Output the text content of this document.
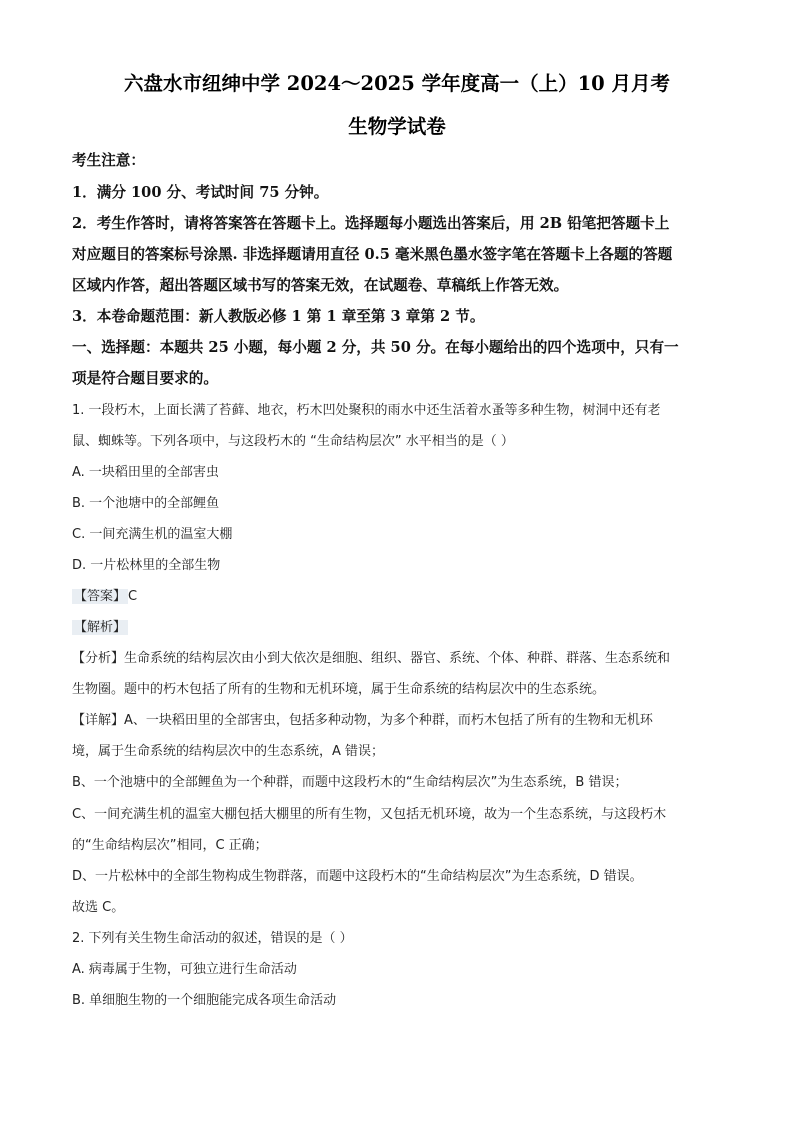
六盘水市纽绅中学 2024～2025 学年度高一（上）10 月月考
生物学试卷
考生注意：
1．满分 100 分、考试时间 75 分钟。
2．考生作答时，请将答案答在答题卡上。选择题每小题选出答案后，用 2B 铅笔把答题卡上
对应题目的答案标号涂黑. 非选择题请用直径 0.5 毫米黑色墨水签字笔在答题卡上各题的答题
区域内作答，超出答题区域书写的答案无效，在试题卷、草稿纸上作答无效。
3．本卷命题范围：新人教版必修 1 第 1 章至第 3 章第 2 节。
一、选择题：本题共 25 小题，每小题 2 分，共 50 分。在每小题给出的四个选项中，只有一
项是符合题目要求的。
1. 一段朽木，上面长满了苔藓、地衣，朽木凹处聚积的雨水中还生活着水蚤等多种生物，树洞中还有老
鼠、蜘蛛等。下列各项中，与这段朽木的 “生命结构层次” 水平相当的是（ ）
A. 一块稻田里的全部害虫
B. 一个池塘中的全部鲤鱼
C. 一间充满生机的温室大棚
D. 一片松林里的全部生物
【答案】 C
【解析】
【分析】生命系统的结构层次由小到大依次是细胞、组织、器官、系统、个体、种群、群落、生态系统和
生物圈。题中的朽木包括了所有的生物和无机环境，属于生命系统的结构层次中的生态系统。
【详解】A、一块稻田里的全部害虫，包括多种动物，为多个种群，而朽木包括了所有的生物和无机环
境，属于生命系统的结构层次中的生态系统，A 错误；
B、一个池塘中的全部鲤鱼为一个种群，而题中这段朽木的“生命结构层次”为生态系统，B 错误；
C、一间充满生机的温室大棚包括大棚里的所有生物，又包括无机环境，故为一个生态系统，与这段朽木
的“生命结构层次”相同，C 正确；
D、一片松林中的全部生物构成生物群落，而题中这段朽木的“生命结构层次”为生态系统，D 错误。
故选 C。
2. 下列有关生物生命活动的叙述，错误的是（ ）
A. 病毒属于生物，可独立进行生命活动
B. 单细胞生物的一个细胞能完成各项生命活动
